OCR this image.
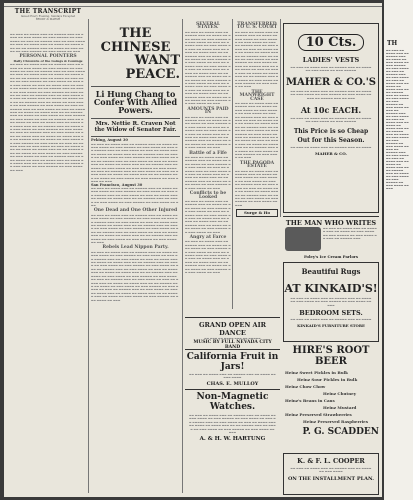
THE TRANSCRIPT
Issued Every Evening, Sundays Excepted
BRODT & MARSH
▬▬ ▬▬▬ ▬▬ ▬▬▬▬ ▬▬▬ ▬▬ ▬▬▬▬▬ ▬▬▬ ▬▬ ▬▬▬▬ ▬▬ ▬▬▬ ▬▬▬▬ ▬▬ ▬▬▬ ▬▬▬▬▬ ▬▬ ▬▬▬ ▬▬▬▬ ▬▬ ▬▬▬ ▬▬ ▬▬▬▬▬ ▬▬▬ ▬▬ ▬▬▬ ▬▬▬▬ ▬▬ ▬▬▬ ▬▬ ▬▬▬▬ ▬▬▬ ▬▬ ▬▬▬▬ ▬▬ ▬▬▬▬ ▬▬▬ ▬▬ ▬▬ ▬▬▬▬▬ ▬▬▬ ▬▬ ▬▬▬▬ ▬▬ ▬▬▬ ▬▬▬▬ ▬▬ ▬▬▬ ▬▬▬▬▬ ▬▬ ▬▬▬ ▬▬▬▬ ▬▬ ▬▬▬
PERSONAL POINTERS
Daily Chronicle of the Goings & Comings
▬▬ ▬▬▬ ▬▬ ▬▬▬▬ ▬▬▬ ▬▬ ▬▬▬▬▬ ▬▬▬ ▬▬ ▬▬▬▬ ▬▬ ▬▬▬ ▬▬▬▬ ▬▬ ▬▬▬ ▬▬▬▬▬ ▬▬ ▬▬▬ ▬▬▬▬ ▬▬ ▬▬▬ ▬▬ ▬▬▬▬▬ ▬▬▬ ▬▬ ▬▬▬ ▬▬▬▬ ▬▬ ▬▬▬ ▬▬ ▬▬▬▬ ▬▬▬ ▬▬ ▬▬▬▬ ▬▬ ▬▬▬▬ ▬▬▬ ▬▬ ▬▬ ▬▬▬▬▬ ▬▬▬ ▬▬ ▬▬▬▬ ▬▬ ▬▬▬ ▬▬▬▬ ▬▬ ▬▬▬ ▬▬▬▬▬ ▬▬ ▬▬▬ ▬▬▬▬ ▬▬ ▬▬▬ ▬▬ ▬▬▬ ▬▬▬▬ ▬▬ ▬▬▬ ▬▬ ▬▬▬▬ ▬▬▬ ▬▬ ▬▬▬▬ ▬▬ ▬▬▬▬ ▬▬▬ ▬▬ ▬▬ ▬▬▬▬▬ ▬▬▬ ▬▬ ▬▬▬▬ ▬▬ ▬▬▬ ▬▬▬▬ ▬▬ ▬▬▬ ▬▬▬▬▬ ▬▬ ▬▬▬ ▬▬▬▬ ▬▬ ▬▬▬ ▬▬ ▬▬▬▬▬ ▬▬▬ ▬▬ ▬▬▬ ▬▬▬▬ ▬▬ ▬▬▬ ▬▬ ▬▬▬▬ ▬▬▬ ▬▬ ▬▬▬▬ ▬▬ ▬▬▬▬ ▬▬▬ ▬▬ ▬▬ ▬▬▬▬▬ ▬▬▬ ▬▬ ▬▬▬▬ ▬▬ ▬▬▬ ▬▬▬▬ ▬▬ ▬▬▬ ▬▬▬▬▬ ▬▬ ▬▬▬ ▬▬▬▬ ▬▬ ▬▬▬ ▬▬ ▬▬▬▬▬ ▬▬▬ ▬▬ ▬▬▬ ▬▬▬▬ ▬▬ ▬▬▬ ▬▬ ▬▬▬▬ ▬▬▬ ▬▬ ▬▬▬▬ ▬▬ ▬▬▬▬ ▬▬▬ ▬▬ ▬▬ ▬▬▬▬▬ ▬▬▬ ▬▬ ▬▬▬▬ ▬▬ ▬▬▬ ▬▬▬▬ ▬▬ ▬▬▬ ▬▬▬▬▬ ▬▬ ▬▬▬ ▬▬▬▬ ▬▬ ▬▬▬ ▬▬ ▬▬▬▬▬ ▬▬▬ ▬▬ ▬▬▬ ▬▬▬▬ ▬▬ ▬▬▬ ▬▬ ▬▬▬▬ ▬▬▬ ▬▬ ▬▬▬▬ ▬▬ ▬▬▬▬ ▬▬▬ ▬▬ ▬▬ ▬▬▬▬▬ ▬▬▬ ▬▬ ▬▬▬▬ ▬▬ ▬▬▬ ▬▬▬▬ ▬▬ ▬▬▬ ▬▬▬▬▬ ▬▬ ▬▬▬ ▬▬▬▬ ▬▬ ▬▬▬ ▬▬ ▬▬▬▬▬ ▬▬▬ ▬▬ ▬▬▬ ▬▬▬▬ ▬▬ ▬▬▬ ▬▬ ▬▬▬▬ ▬▬▬ ▬▬ ▬▬▬▬ ▬▬ ▬▬▬▬ ▬▬▬ ▬▬ ▬▬ ▬▬▬▬▬ ▬▬▬ ▬▬ ▬▬▬▬ ▬▬ ▬▬▬ ▬▬▬▬ ▬▬ ▬▬▬ ▬▬▬▬▬ ▬▬ ▬▬▬ ▬▬▬▬ ▬▬ ▬▬▬ ▬▬ ▬▬▬▬▬ ▬▬▬ ▬▬ ▬▬▬ ▬▬▬▬ ▬▬ ▬▬▬ ▬▬ ▬▬▬▬ ▬▬▬ ▬▬ ▬▬▬▬ ▬▬ ▬▬▬▬ ▬▬▬ ▬▬ ▬▬ ▬▬▬▬▬ ▬▬▬ ▬▬ ▬▬▬▬ ▬▬ ▬▬▬ ▬▬▬▬ ▬▬ ▬▬▬ ▬▬▬▬▬ ▬▬ ▬▬▬ ▬▬▬▬ ▬▬ ▬▬▬ ▬▬ ▬▬▬▬▬ ▬▬▬ ▬▬ ▬▬▬ ▬▬▬▬ ▬▬ ▬▬▬ ▬▬ ▬▬▬▬ ▬▬▬ ▬▬ ▬▬▬▬ ▬▬ ▬▬▬▬ ▬▬▬ ▬▬ ▬▬ ▬▬▬▬▬ ▬▬▬ ▬▬ ▬▬▬▬ ▬▬ ▬▬▬ ▬▬▬▬ ▬▬ ▬▬▬ ▬▬▬▬▬ ▬▬ ▬▬▬ ▬▬▬▬ ▬▬ ▬▬▬
THE CHINESE
WANT PEACE.
Li Hung Chang to Confer With Allied Powers.
Mrs. Nettie R. Craven Not the Widow of Senator Fair.
Peking, August 30
▬▬ ▬▬▬ ▬▬ ▬▬▬▬ ▬▬▬ ▬▬ ▬▬▬▬▬ ▬▬▬ ▬▬ ▬▬▬▬ ▬▬ ▬▬▬ ▬▬▬▬ ▬▬ ▬▬▬ ▬▬▬▬▬ ▬▬ ▬▬▬ ▬▬▬▬ ▬▬ ▬▬▬ ▬▬ ▬▬▬▬▬ ▬▬▬ ▬▬ ▬▬▬ ▬▬▬▬ ▬▬ ▬▬▬ ▬▬ ▬▬▬▬ ▬▬▬ ▬▬ ▬▬▬▬ ▬▬ ▬▬▬▬ ▬▬▬ ▬▬ ▬▬ ▬▬▬▬▬ ▬▬▬ ▬▬ ▬▬▬▬ ▬▬ ▬▬▬ ▬▬▬▬ ▬▬ ▬▬▬ ▬▬▬▬▬ ▬▬ ▬▬▬ ▬▬▬▬ ▬▬ ▬▬▬ ▬▬ ▬▬▬▬▬ ▬▬▬ ▬▬ ▬▬▬ ▬▬▬▬ ▬▬ ▬▬▬ ▬▬ ▬▬▬▬ ▬▬▬ ▬▬ ▬▬▬▬ ▬▬ ▬▬▬▬ ▬▬▬ ▬▬ ▬▬ ▬▬▬▬▬ ▬▬▬ ▬▬ ▬▬▬▬ ▬▬ ▬▬▬ ▬▬▬▬ ▬▬ ▬▬▬ ▬▬▬▬▬ ▬▬ ▬▬▬ ▬▬▬▬ ▬▬ ▬▬▬ ▬▬ ▬▬▬▬▬ ▬▬▬ ▬▬ ▬▬▬ ▬▬▬▬ ▬▬ ▬▬▬ ▬▬ ▬▬▬▬ ▬▬▬ ▬▬ ▬▬▬▬ ▬▬ ▬▬▬▬ ▬▬▬ ▬▬ ▬▬ ▬▬▬▬▬ ▬▬▬ ▬▬ ▬▬▬▬ ▬▬ ▬▬▬ ▬▬▬▬ ▬▬ ▬▬▬ ▬▬▬▬▬ ▬▬ ▬▬▬ ▬▬▬▬ ▬▬ ▬▬▬
San Francisco, August 30
▬▬ ▬▬▬ ▬▬ ▬▬▬▬ ▬▬▬ ▬▬ ▬▬▬▬▬ ▬▬▬ ▬▬ ▬▬▬▬ ▬▬ ▬▬▬ ▬▬▬▬ ▬▬ ▬▬▬ ▬▬▬▬▬ ▬▬ ▬▬▬ ▬▬▬▬ ▬▬ ▬▬▬ ▬▬ ▬▬▬▬▬ ▬▬▬ ▬▬ ▬▬▬ ▬▬▬▬ ▬▬ ▬▬▬ ▬▬ ▬▬▬▬ ▬▬▬ ▬▬ ▬▬▬▬ ▬▬ ▬▬▬▬ ▬▬▬ ▬▬ ▬▬ ▬▬▬▬▬ ▬▬▬ ▬▬ ▬▬▬▬ ▬▬ ▬▬▬ ▬▬▬▬ ▬▬ ▬▬▬ ▬▬▬▬▬ ▬▬ ▬▬▬ ▬▬▬▬ ▬▬ ▬▬▬
One Dead and One Other Injured
▬▬ ▬▬▬ ▬▬ ▬▬▬▬ ▬▬▬ ▬▬ ▬▬▬▬▬ ▬▬▬ ▬▬ ▬▬▬▬ ▬▬ ▬▬▬ ▬▬▬▬ ▬▬ ▬▬▬ ▬▬▬▬▬ ▬▬ ▬▬▬ ▬▬▬▬ ▬▬ ▬▬▬ ▬▬ ▬▬▬▬▬ ▬▬▬ ▬▬ ▬▬▬ ▬▬▬▬ ▬▬ ▬▬▬ ▬▬ ▬▬▬▬ ▬▬▬ ▬▬ ▬▬▬▬ ▬▬ ▬▬▬▬ ▬▬▬ ▬▬ ▬▬ ▬▬▬▬▬ ▬▬▬ ▬▬ ▬▬▬▬ ▬▬ ▬▬▬ ▬▬▬▬ ▬▬ ▬▬▬ ▬▬▬▬▬ ▬▬ ▬▬▬ ▬▬▬▬ ▬▬ ▬▬▬ ▬▬ ▬▬▬▬▬ ▬▬▬ ▬▬ ▬▬▬ ▬▬▬▬ ▬▬ ▬▬▬ ▬▬ ▬▬▬▬ ▬▬▬ ▬▬ ▬▬▬▬ ▬▬ ▬▬▬▬ ▬▬▬ ▬▬ ▬▬ ▬▬▬▬▬ ▬▬▬ ▬▬ ▬▬▬▬ ▬▬ ▬▬▬ ▬▬▬▬ ▬▬ ▬▬▬ ▬▬▬▬▬ ▬▬ ▬▬▬ ▬▬▬▬ ▬▬ ▬▬▬
Rebels Lead Nippon Party.
▬▬ ▬▬▬ ▬▬ ▬▬▬▬ ▬▬▬ ▬▬ ▬▬▬▬▬ ▬▬▬ ▬▬ ▬▬▬▬ ▬▬ ▬▬▬ ▬▬▬▬ ▬▬ ▬▬▬ ▬▬▬▬▬ ▬▬ ▬▬▬ ▬▬▬▬ ▬▬ ▬▬▬ ▬▬ ▬▬▬▬▬ ▬▬▬ ▬▬ ▬▬▬ ▬▬▬▬ ▬▬ ▬▬▬ ▬▬ ▬▬▬▬ ▬▬▬ ▬▬ ▬▬▬▬ ▬▬ ▬▬▬▬ ▬▬▬ ▬▬ ▬▬ ▬▬▬▬▬ ▬▬▬ ▬▬ ▬▬▬▬ ▬▬ ▬▬▬ ▬▬▬▬ ▬▬ ▬▬▬ ▬▬▬▬▬ ▬▬ ▬▬▬ ▬▬▬▬ ▬▬ ▬▬▬ ▬▬ ▬▬▬▬▬ ▬▬▬ ▬▬ ▬▬▬ ▬▬▬▬ ▬▬ ▬▬▬ ▬▬ ▬▬▬▬ ▬▬▬ ▬▬ ▬▬▬▬ ▬▬ ▬▬▬▬ ▬▬▬ ▬▬ ▬▬ ▬▬▬▬▬ ▬▬▬ ▬▬ ▬▬▬▬ ▬▬ ▬▬▬ ▬▬▬▬ ▬▬ ▬▬▬ ▬▬▬▬▬ ▬▬ ▬▬▬ ▬▬▬▬ ▬▬ ▬▬▬ ▬▬ ▬▬▬▬▬ ▬▬▬ ▬▬ ▬▬▬ ▬▬▬▬ ▬▬ ▬▬▬ ▬▬ ▬▬▬▬ ▬▬▬ ▬▬ ▬▬▬▬ ▬▬ ▬▬▬▬ ▬▬▬ ▬▬ ▬▬ ▬▬▬▬▬ ▬▬▬ ▬▬ ▬▬▬▬ ▬▬ ▬▬▬ ▬▬▬▬ ▬▬ ▬▬▬ ▬▬▬▬▬ ▬▬ ▬▬▬ ▬▬▬▬ ▬▬ ▬▬▬ ▬▬ ▬▬▬▬▬ ▬▬▬ ▬▬ ▬▬▬ ▬▬▬▬ ▬▬ ▬▬▬ ▬▬ ▬▬▬▬ ▬▬▬ ▬▬ ▬▬▬▬ ▬▬ ▬▬▬▬ ▬▬▬ ▬▬ ▬▬ ▬▬▬▬▬ ▬▬▬ ▬▬ ▬▬▬▬ ▬▬ ▬▬▬ ▬▬▬▬ ▬▬ ▬▬▬ ▬▬▬▬▬ ▬▬ ▬▬▬ ▬▬▬▬ ▬▬ ▬▬▬
SEVERAL STATES.
▬▬ ▬▬▬ ▬▬ ▬▬▬▬ ▬▬▬ ▬▬ ▬▬▬▬▬ ▬▬▬ ▬▬ ▬▬▬▬ ▬▬ ▬▬▬ ▬▬▬▬ ▬▬ ▬▬▬ ▬▬▬▬▬ ▬▬ ▬▬▬ ▬▬▬▬ ▬▬ ▬▬▬ ▬▬ ▬▬▬▬▬ ▬▬▬ ▬▬ ▬▬▬ ▬▬▬▬ ▬▬ ▬▬▬ ▬▬ ▬▬▬▬ ▬▬▬ ▬▬ ▬▬▬▬ ▬▬ ▬▬▬▬ ▬▬▬ ▬▬ ▬▬ ▬▬▬▬▬ ▬▬▬ ▬▬ ▬▬▬▬ ▬▬ ▬▬▬ ▬▬▬▬ ▬▬ ▬▬▬ ▬▬▬▬▬ ▬▬ ▬▬▬ ▬▬▬▬ ▬▬ ▬▬▬ ▬▬ ▬▬▬▬▬ ▬▬▬ ▬▬ ▬▬▬ ▬▬▬▬ ▬▬ ▬▬▬ ▬▬ ▬▬▬▬ ▬▬▬ ▬▬ ▬▬▬▬ ▬▬ ▬▬▬▬ ▬▬▬ ▬▬ ▬▬ ▬▬▬▬▬ ▬▬▬ ▬▬ ▬▬▬▬ ▬▬ ▬▬▬ ▬▬▬▬ ▬▬ ▬▬▬ ▬▬▬▬▬ ▬▬ ▬▬▬ ▬▬▬▬ ▬▬ ▬▬▬ ▬▬ ▬▬▬▬▬ ▬▬▬ ▬▬ ▬▬▬ ▬▬▬▬ ▬▬ ▬▬▬ ▬▬ ▬▬▬▬ ▬▬▬ ▬▬ ▬▬▬▬ ▬▬ ▬▬▬▬ ▬▬▬ ▬▬ ▬▬ ▬▬▬▬▬ ▬▬▬ ▬▬ ▬▬▬▬ ▬▬ ▬▬▬ ▬▬▬▬ ▬▬ ▬▬▬ ▬▬▬▬▬ ▬▬ ▬▬▬ ▬▬▬▬ ▬▬ ▬▬▬
AMOUNTS PAID IN
▬▬ ▬▬▬ ▬▬ ▬▬▬▬ ▬▬▬ ▬▬ ▬▬▬▬▬ ▬▬▬ ▬▬ ▬▬▬▬ ▬▬ ▬▬▬ ▬▬▬▬ ▬▬ ▬▬▬ ▬▬▬▬▬ ▬▬ ▬▬▬ ▬▬▬▬ ▬▬ ▬▬▬ ▬▬ ▬▬▬▬▬ ▬▬▬ ▬▬ ▬▬▬ ▬▬▬▬ ▬▬ ▬▬▬ ▬▬ ▬▬▬▬ ▬▬▬ ▬▬ ▬▬▬▬ ▬▬ ▬▬▬▬ ▬▬▬ ▬▬ ▬▬ ▬▬▬▬▬ ▬▬▬ ▬▬ ▬▬▬▬ ▬▬ ▬▬▬ ▬▬▬▬ ▬▬ ▬▬▬ ▬▬▬▬▬ ▬▬ ▬▬▬ ▬▬▬▬ ▬▬ ▬▬▬
Battle of a Fife
▬▬ ▬▬▬ ▬▬ ▬▬▬▬ ▬▬▬ ▬▬ ▬▬▬▬▬ ▬▬▬ ▬▬ ▬▬▬▬ ▬▬ ▬▬▬ ▬▬▬▬ ▬▬ ▬▬▬ ▬▬▬▬▬ ▬▬ ▬▬▬ ▬▬▬▬ ▬▬ ▬▬▬ ▬▬ ▬▬▬▬▬ ▬▬▬ ▬▬ ▬▬▬ ▬▬▬▬ ▬▬ ▬▬▬ ▬▬ ▬▬▬▬ ▬▬▬ ▬▬ ▬▬▬▬ ▬▬ ▬▬▬▬ ▬▬▬ ▬▬ ▬▬ ▬▬▬▬▬ ▬▬▬ ▬▬ ▬▬▬▬ ▬▬ ▬▬▬ ▬▬▬▬ ▬▬ ▬▬▬ ▬▬▬▬▬ ▬▬ ▬▬▬ ▬▬▬▬ ▬▬ ▬▬▬
Conflicts to be Looked
▬▬ ▬▬▬ ▬▬ ▬▬▬▬ ▬▬▬ ▬▬ ▬▬▬▬▬ ▬▬▬ ▬▬ ▬▬▬▬ ▬▬ ▬▬▬ ▬▬▬▬ ▬▬ ▬▬▬ ▬▬▬▬▬ ▬▬ ▬▬▬ ▬▬▬▬ ▬▬ ▬▬▬ ▬▬ ▬▬▬▬▬ ▬▬▬ ▬▬ ▬▬▬ ▬▬▬▬ ▬▬ ▬▬▬ ▬▬ ▬▬▬▬ ▬▬▬ ▬▬ ▬▬▬▬ ▬▬ ▬▬▬▬ ▬▬▬ ▬▬ ▬▬ ▬▬▬▬▬ ▬▬▬ ▬▬ ▬▬▬▬ ▬▬ ▬▬▬ ▬▬▬▬ ▬▬ ▬▬▬ ▬▬▬▬▬ ▬▬ ▬▬▬ ▬▬▬▬ ▬▬ ▬▬▬
Angry at Farce
▬▬ ▬▬▬ ▬▬ ▬▬▬▬ ▬▬▬ ▬▬ ▬▬▬▬▬ ▬▬▬ ▬▬ ▬▬▬▬ ▬▬ ▬▬▬ ▬▬▬▬ ▬▬ ▬▬▬ ▬▬▬▬▬ ▬▬ ▬▬▬ ▬▬▬▬ ▬▬ ▬▬▬ ▬▬ ▬▬▬▬▬ ▬▬▬ ▬▬ ▬▬▬ ▬▬▬▬ ▬▬ ▬▬▬ ▬▬ ▬▬▬▬ ▬▬▬ ▬▬ ▬▬▬▬ ▬▬ ▬▬▬▬ ▬▬▬ ▬▬ ▬▬ ▬▬▬▬▬ ▬▬▬ ▬▬ ▬▬▬▬ ▬▬ ▬▬▬ ▬▬▬▬ ▬▬ ▬▬▬ ▬▬▬▬▬ ▬▬ ▬▬▬ ▬▬▬▬ ▬▬ ▬▬▬
TRANSFERRED TO U. S. COURT
▬▬ ▬▬▬ ▬▬ ▬▬▬▬ ▬▬▬ ▬▬ ▬▬▬▬▬ ▬▬▬ ▬▬ ▬▬▬▬ ▬▬ ▬▬▬ ▬▬▬▬ ▬▬ ▬▬▬ ▬▬▬▬▬ ▬▬ ▬▬▬ ▬▬▬▬ ▬▬ ▬▬▬ ▬▬ ▬▬▬▬▬ ▬▬▬ ▬▬ ▬▬▬ ▬▬▬▬ ▬▬ ▬▬▬ ▬▬ ▬▬▬▬ ▬▬▬ ▬▬ ▬▬▬▬ ▬▬ ▬▬▬▬ ▬▬▬ ▬▬ ▬▬ ▬▬▬▬▬ ▬▬▬ ▬▬ ▬▬▬▬ ▬▬ ▬▬▬ ▬▬▬▬ ▬▬ ▬▬▬ ▬▬▬▬▬ ▬▬ ▬▬▬ ▬▬▬▬ ▬▬ ▬▬▬ ▬▬ ▬▬▬▬▬ ▬▬▬ ▬▬ ▬▬▬ ▬▬▬▬ ▬▬ ▬▬▬ ▬▬ ▬▬▬▬ ▬▬▬ ▬▬ ▬▬▬▬ ▬▬ ▬▬▬▬ ▬▬▬ ▬▬ ▬▬ ▬▬▬▬▬ ▬▬▬ ▬▬ ▬▬▬▬ ▬▬ ▬▬▬ ▬▬▬▬ ▬▬ ▬▬▬ ▬▬▬▬▬ ▬▬ ▬▬▬ ▬▬▬▬ ▬▬ ▬▬▬
THE MANWRIGHT CASE
▬▬ ▬▬▬ ▬▬ ▬▬▬▬ ▬▬▬ ▬▬ ▬▬▬▬▬ ▬▬▬ ▬▬ ▬▬▬▬ ▬▬ ▬▬▬ ▬▬▬▬ ▬▬ ▬▬▬ ▬▬▬▬▬ ▬▬ ▬▬▬ ▬▬▬▬ ▬▬ ▬▬▬ ▬▬ ▬▬▬▬▬ ▬▬▬ ▬▬ ▬▬▬ ▬▬▬▬ ▬▬ ▬▬▬ ▬▬ ▬▬▬▬ ▬▬▬ ▬▬ ▬▬▬▬ ▬▬ ▬▬▬▬ ▬▬▬ ▬▬ ▬▬ ▬▬▬▬▬ ▬▬▬ ▬▬ ▬▬▬▬ ▬▬ ▬▬▬ ▬▬▬▬ ▬▬ ▬▬▬ ▬▬▬▬▬ ▬▬ ▬▬▬ ▬▬▬▬ ▬▬ ▬▬▬ ▬▬ ▬▬▬▬▬ ▬▬▬ ▬▬ ▬▬▬ ▬▬▬▬ ▬▬ ▬▬▬ ▬▬ ▬▬▬▬ ▬▬▬ ▬▬ ▬▬▬▬ ▬▬ ▬▬▬▬ ▬▬▬ ▬▬ ▬▬ ▬▬▬▬▬ ▬▬▬ ▬▬ ▬▬▬▬ ▬▬ ▬▬▬ ▬▬▬▬ ▬▬ ▬▬▬ ▬▬▬▬▬ ▬▬ ▬▬▬ ▬▬▬▬ ▬▬ ▬▬▬
THE PAGODA ESTATE
▬▬ ▬▬▬ ▬▬ ▬▬▬▬ ▬▬▬ ▬▬ ▬▬▬▬▬ ▬▬▬ ▬▬ ▬▬▬▬ ▬▬ ▬▬▬ ▬▬▬▬ ▬▬ ▬▬▬ ▬▬▬▬▬ ▬▬ ▬▬▬ ▬▬▬▬ ▬▬ ▬▬▬ ▬▬ ▬▬▬▬▬ ▬▬▬ ▬▬ ▬▬▬ ▬▬▬▬ ▬▬ ▬▬▬ ▬▬ ▬▬▬▬ ▬▬▬ ▬▬ ▬▬▬▬ ▬▬ ▬▬▬▬ ▬▬▬ ▬▬ ▬▬ ▬▬▬▬▬ ▬▬▬ ▬▬ ▬▬▬▬ ▬▬ ▬▬▬ ▬▬▬▬ ▬▬ ▬▬▬ ▬▬▬▬▬ ▬▬ ▬▬▬ ▬▬▬▬ ▬▬ ▬▬▬
Surge & Ho
10 Cts.
LADIES' VESTS
▬▬ ▬▬▬ ▬▬ ▬▬▬▬ ▬▬▬ ▬▬ ▬▬▬▬▬ ▬▬▬ ▬▬ ▬▬▬▬ ▬▬ ▬▬▬ ▬▬▬▬ ▬▬ ▬▬▬ ▬▬▬▬▬
MAHER & CO.'S
▬▬ ▬▬▬ ▬▬ ▬▬▬▬ ▬▬▬ ▬▬ ▬▬▬▬▬ ▬▬▬ ▬▬ ▬▬▬▬ ▬▬ ▬▬▬ ▬▬▬▬ ▬▬ ▬▬▬ ▬▬▬▬▬ ▬▬ ▬▬▬ ▬▬▬▬ ▬▬ ▬▬▬ ▬▬ ▬▬▬▬▬ ▬▬▬ ▬▬ ▬▬▬
At 10c EACH.
▬▬ ▬▬▬ ▬▬ ▬▬▬▬ ▬▬▬ ▬▬ ▬▬▬▬▬ ▬▬▬ ▬▬ ▬▬▬▬ ▬▬ ▬▬▬ ▬▬▬▬ ▬▬ ▬▬▬ ▬▬▬▬▬
This Price is so Cheap
Out for this Season.
▬▬ ▬▬▬ ▬▬ ▬▬▬▬ ▬▬▬ ▬▬ ▬▬▬▬▬ ▬▬▬ ▬▬ ▬▬▬▬
MAHER & CO.
THE MAN WHO WRITES
▬▬ ▬▬▬ ▬▬ ▬▬▬▬ ▬▬▬ ▬▬ ▬▬▬▬▬ ▬▬▬ ▬▬ ▬▬▬▬ ▬▬ ▬▬▬ ▬▬▬▬ ▬▬ ▬▬▬ ▬▬▬▬▬ ▬▬ ▬▬▬ ▬▬▬▬ ▬▬ ▬▬▬ ▬▬ ▬▬▬▬▬ ▬▬▬
Foley's Ice Cream Parlors
Beautiful Rugs
AT KINKAID'S!
▬▬ ▬▬▬ ▬▬ ▬▬▬▬ ▬▬▬ ▬▬ ▬▬▬▬▬ ▬▬▬ ▬▬ ▬▬▬▬ ▬▬ ▬▬▬ ▬▬▬▬ ▬▬ ▬▬▬ ▬▬▬▬▬ ▬▬ ▬▬▬ ▬▬▬▬ ▬▬ ▬▬▬
BEDROOM SETS.
▬▬ ▬▬▬ ▬▬ ▬▬▬▬ ▬▬▬ ▬▬ ▬▬▬▬▬ ▬▬▬ ▬▬ ▬▬▬▬
KINKAID'S FURNITURE STORE
HIRE'S ROOT BEER
Heinz Sweet Pickles in Bulk
Heinz Sour Pickles in Bulk
Heinz Chow Chow
Heinz Chutney
Heinz's Beans in Cans
Heinz Mustard
Heinz Preserved Strawberries
Heinz Preserved Raspberries
P. G. SCADDEN
K. & F. L. COOPER
▬▬ ▬▬▬ ▬▬ ▬▬▬▬ ▬▬▬ ▬▬ ▬▬▬▬▬ ▬▬▬ ▬▬ ▬▬▬▬ ▬▬ ▬▬▬ ▬▬▬▬
ON THE INSTALLMENT PLAN.
GRAND OPEN AIR DANCE
▬▬ ▬▬▬ ▬▬ ▬▬▬▬ ▬▬▬ ▬▬ ▬▬▬▬▬
MUSIC BY FULL NEVADA CITY BAND
California Fruit in Jars!
▬▬ ▬▬▬ ▬▬ ▬▬▬▬ ▬▬▬ ▬▬ ▬▬▬▬▬ ▬▬▬ ▬▬ ▬▬▬▬ ▬▬ ▬▬▬ ▬▬▬▬
CHAS. E. MULLOY
Non-Magnetic Watches.
▬▬ ▬▬▬ ▬▬ ▬▬▬▬ ▬▬▬ ▬▬ ▬▬▬▬▬ ▬▬▬ ▬▬ ▬▬▬▬ ▬▬ ▬▬▬ ▬▬▬▬ ▬▬ ▬▬▬ ▬▬▬▬▬ ▬▬ ▬▬▬ ▬▬▬▬ ▬▬ ▬▬▬ ▬▬ ▬▬▬▬▬ ▬▬▬ ▬▬ ▬▬▬ ▬▬▬▬ ▬▬ ▬▬▬ ▬▬ ▬▬▬▬ ▬▬▬ ▬▬ ▬▬▬▬ ▬▬ ▬▬▬▬ ▬▬▬ ▬▬ ▬▬ ▬▬▬▬▬ ▬▬▬ ▬▬ ▬▬▬▬ ▬▬ ▬▬▬ ▬▬▬▬ ▬▬ ▬▬▬ ▬▬▬▬▬ ▬▬ ▬▬▬ ▬▬▬▬ ▬▬ ▬▬▬
A. & H. W. HARTUNG
TH
▬▬ ▬▬▬ ▬▬ ▬▬▬▬ ▬▬▬ ▬▬ ▬▬▬▬▬ ▬▬▬ ▬▬ ▬▬▬▬ ▬▬ ▬▬▬ ▬▬▬▬ ▬▬ ▬▬▬ ▬▬▬▬▬ ▬▬ ▬▬▬ ▬▬▬▬ ▬▬ ▬▬▬ ▬▬ ▬▬▬▬▬ ▬▬▬ ▬▬ ▬▬▬ ▬▬▬▬ ▬▬ ▬▬▬ ▬▬ ▬▬▬▬ ▬▬▬ ▬▬ ▬▬▬▬ ▬▬ ▬▬▬▬ ▬▬▬ ▬▬ ▬▬ ▬▬▬▬▬ ▬▬▬ ▬▬ ▬▬▬▬ ▬▬ ▬▬▬ ▬▬▬▬ ▬▬ ▬▬▬ ▬▬▬▬▬ ▬▬ ▬▬▬ ▬▬▬▬ ▬▬ ▬▬▬ ▬▬ ▬▬▬▬▬ ▬▬▬ ▬▬ ▬▬▬ ▬▬▬▬ ▬▬ ▬▬▬ ▬▬ ▬▬▬▬ ▬▬▬ ▬▬ ▬▬▬▬ ▬▬ ▬▬▬▬ ▬▬▬ ▬▬ ▬▬ ▬▬▬▬▬ ▬▬▬ ▬▬ ▬▬▬▬ ▬▬ ▬▬▬ ▬▬▬▬ ▬▬ ▬▬▬ ▬▬▬▬▬ ▬▬ ▬▬▬ ▬▬▬▬ ▬▬ ▬▬▬ ▬▬ ▬▬▬▬▬ ▬▬▬ ▬▬ ▬▬▬ ▬▬▬▬ ▬▬ ▬▬▬ ▬▬ ▬▬▬▬ ▬▬▬ ▬▬ ▬▬▬▬ ▬▬ ▬▬▬▬ ▬▬▬ ▬▬ ▬▬ ▬▬▬▬▬ ▬▬▬ ▬▬ ▬▬▬▬ ▬▬ ▬▬▬ ▬▬▬▬ ▬▬ ▬▬▬ ▬▬▬▬▬ ▬▬ ▬▬▬ ▬▬▬▬ ▬▬ ▬▬▬
